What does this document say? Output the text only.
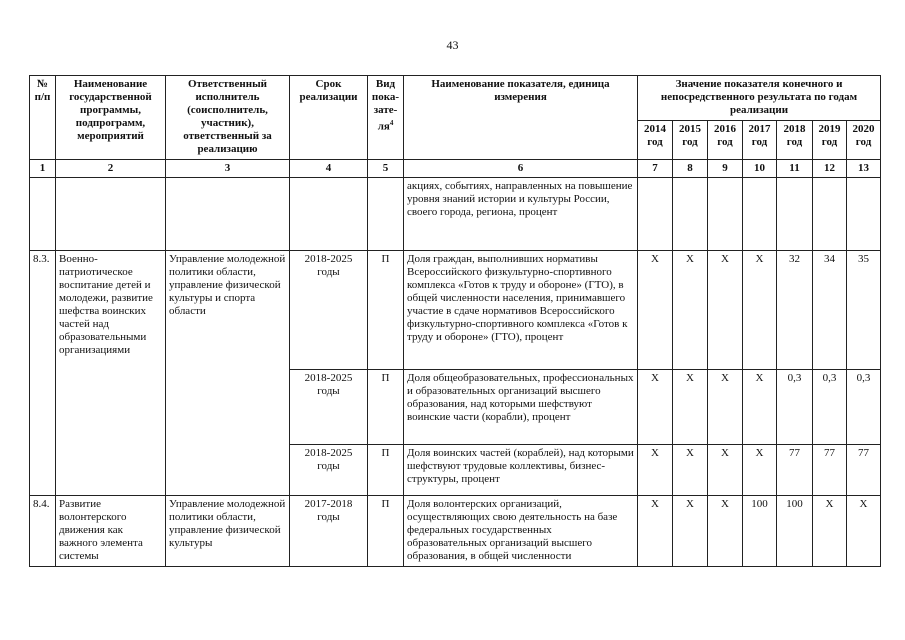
43
№ п/п	Наименование государственной программы, подпрограмм, мероприятий	Ответственный исполнитель (соисполнитель, участник), ответственный за реализацию	Срок реализации	Вид пока-$зате-ля^4$	Наименование показателя, единица измерения	Значение показателя конечного и непосредственного результата по годам реализации						
						2014 год	2015 год	2016 год	2017 год	2018 год	2019 год	2020 год
1	2	3	4	5	6	7	8	9	10	11	12	13
					акциях, событиях, направленных на повышение уровня знаний истории и культуры России, своего города, региона, процент							
8.3.	Военно-патриотическое воспитание детей и молодежи, развитие шефства воинских частей над образовательными организациями	Управление молодежной политики области, управление физической культуры и спорта области	2018-2025 годы	П	Доля граждан, выполнивших нормативы Всероссийского физкультурно-спортивного комплекса «Готов к труду и обороне» (ГТО), в общей численности населения, принимавшего участие в сдаче нормативов Всероссийского физкультурно-спортивного комплекса «Готов к труду и обороне» (ГТО), процент	Х	Х	Х	Х	32	34	35
			2018-2025 годы	П	Доля общеобразовательных, профессиональных и образовательных организаций высшего образования, над которыми шефствуют воинские части (корабли), процент	Х	Х	Х	Х	0,3	0,3	0,3
			2018-2025 годы	П	Доля воинских частей (кораблей), над которыми шефствуют трудовые коллективы, бизнес-структуры, процент	Х	Х	Х	Х	77	77	77
8.4.	Развитие волонтерского движения как важного элемента системы	Управление молодежной политики области, управление физической культуры	2017-2018 годы	П	Доля волонтерских организаций, осуществляющих свою деятельность на базе федеральных государственных образовательных организаций высшего образования, в общей численности	Х	Х	Х	100	100	Х	Х
